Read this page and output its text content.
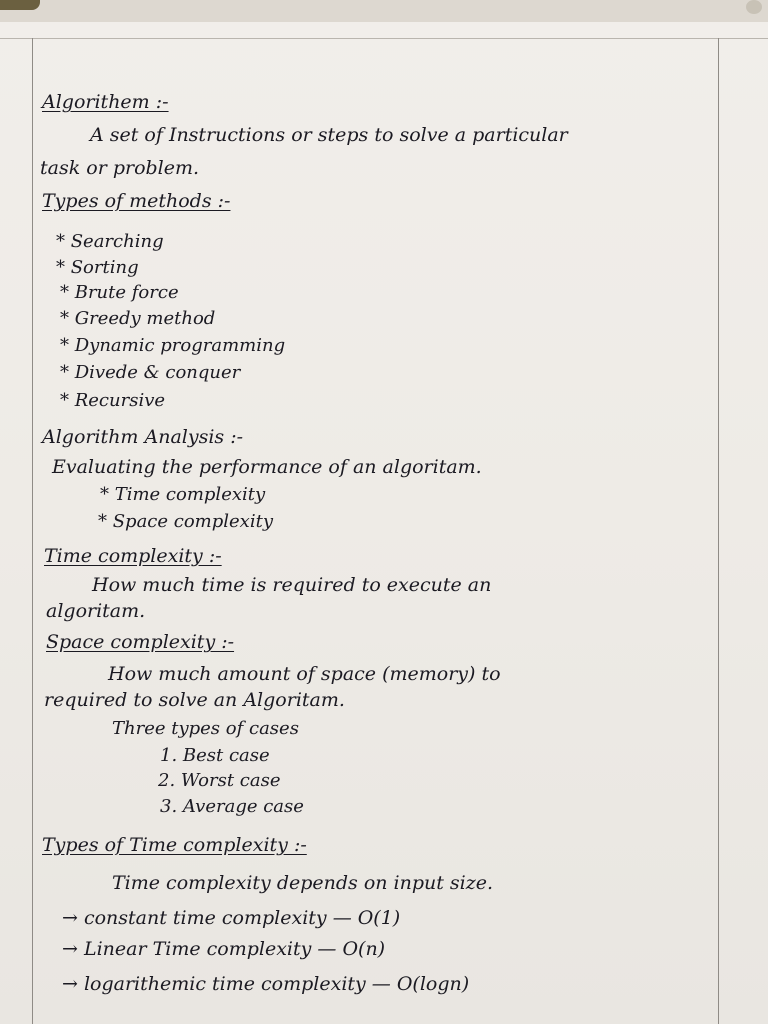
Algorithem :-
A set of Instructions or steps to solve a particular
task or problem.
Types of methods :-
* Searching
* Sorting
* Brute force
* Greedy method
* Dynamic programming
* Divede & conquer
* Recursive
Algorithm Analysis :-
Evaluating the performance of an algoritam.
* Time complexity
* Space complexity
Time complexity :-
How much time is required to execute an
algoritam.
Space complexity :-
How much amount of space (memory) to
required to solve an Algoritam.
Three types of cases
1. Best case
2. Worst case
3. Average case
Types of Time complexity :-
Time complexity depends on input size.
→ constant time complexity — O(1)
→ Linear Time complexity — O(n)
→ logarithemic time complexity — O(logn)
